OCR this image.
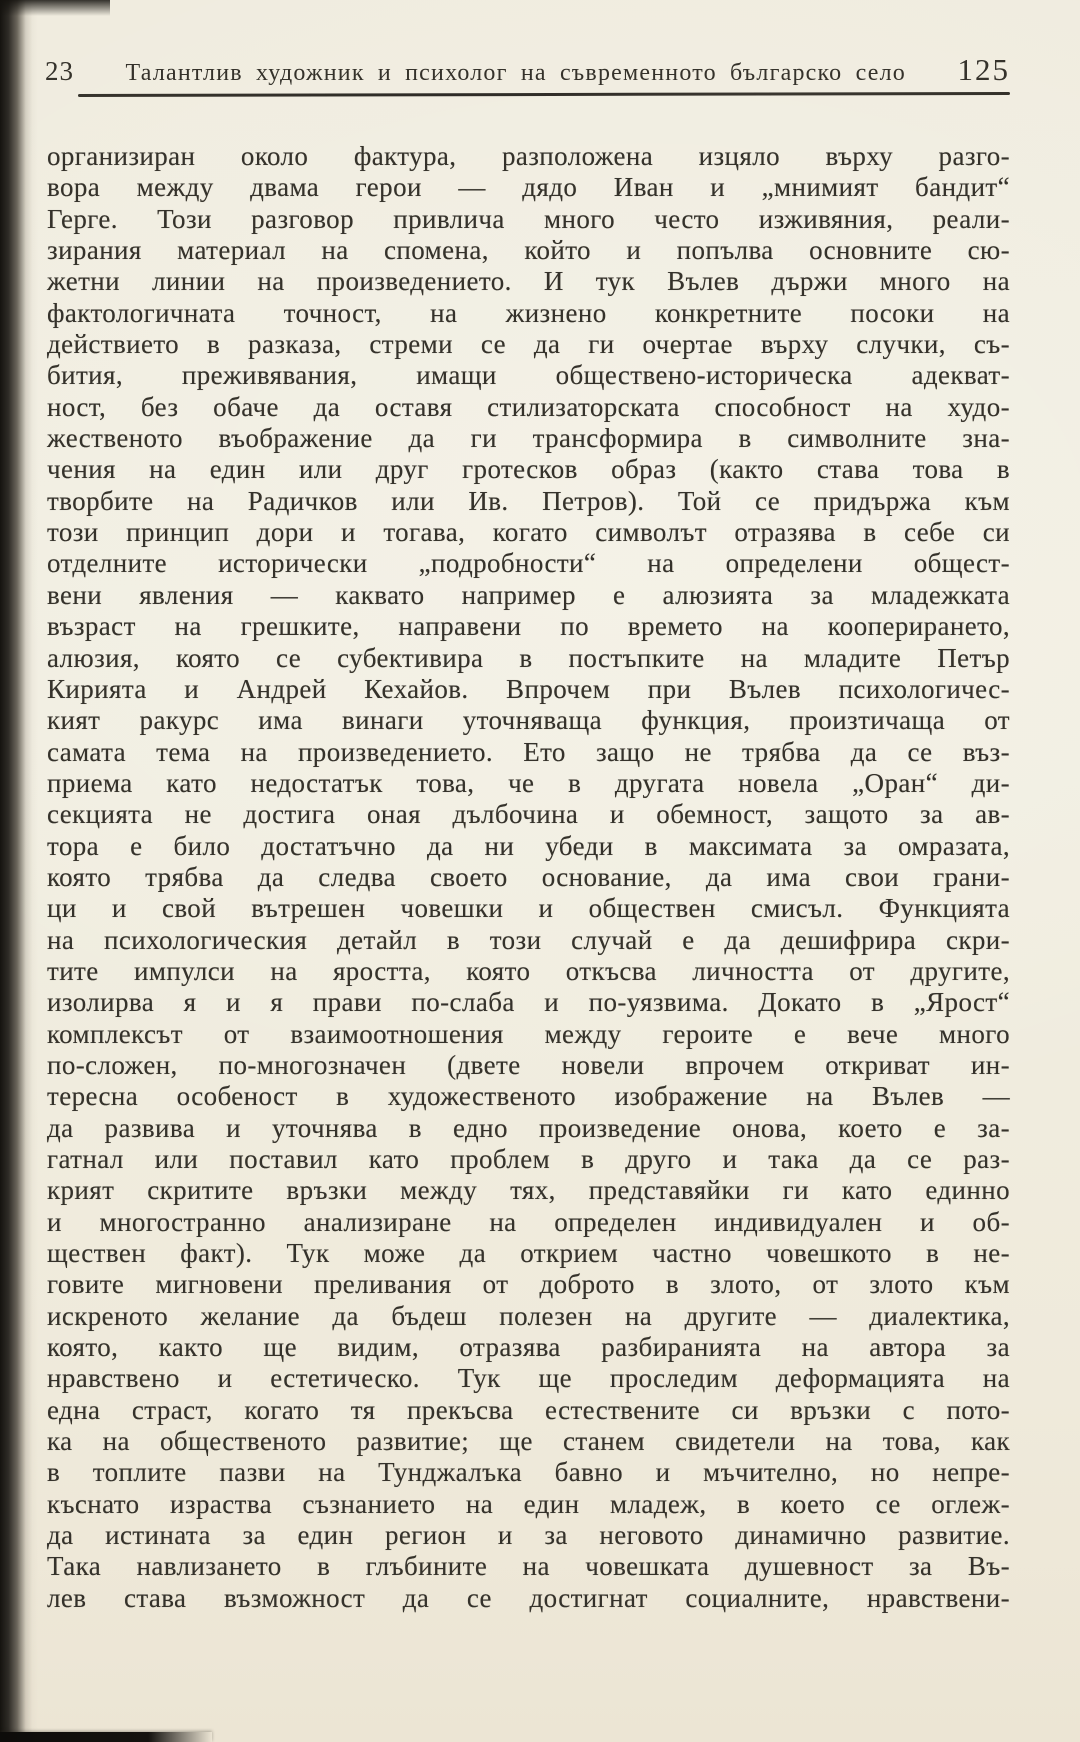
23	Талантлив художник и психолог на съвременното българско село	125
организиран около фактура, разположена изцяло върху разго-
вора между двама герои — дядо Иван и „мнимият бандит“
Герге. Този разговор привлича много често изживяния, реали-
зирания материал на спомена, който и попълва основните сю-
жетни линии на произведението. И тук Вълев държи много на
фактологичната точност, на жизнено конкретните посоки на
действието в разказа, стреми се да ги очертае върху случки, съ-
бития, преживявания, имащи обществено-историческа адекват-
ност, без обаче да оставя стилизаторската способност на худо-
жественото въображение да ги трансформира в символните зна-
чения на един или друг гротесков образ (както става това в
творбите на Радичков или Ив. Петров). Той се придържа към
този принцип дори и тогава, когато символът отразява в себе си
отделните исторически „подробности“ на определени общест-
вени явления — каквато например е алюзията за младежката
възраст на грешките, направени по времето на кооперирането,
алюзия, която се субективира в постъпките на младите Петър
Кирията и Андрей Кехайов. Впрочем при Вълев психологичес-
кият ракурс има винаги уточняваща функция, произтичаща от
самата тема на произведението. Ето защо не трябва да се въз-
приема като недостатък това, че в другата новела „Оран“ ди-
секцията не достига оная дълбочина и обемност, защото за ав-
тора е било достатъчно да ни убеди в максимата за омразата,
която трябва да следва своето основание, да има свои грани-
ци и свой вътрешен човешки и обществен смисъл. Функцията
на психологическия детайл в този случай е да дешифрира скри-
тите импулси на яростта, която откъсва личността от другите,
изолирва я и я прави по-слаба и по-уязвима. Докато в „Ярост“
комплексът от взаимоотношения между героите е вече много
по-сложен, по-многозначен (двете новели впрочем откриват ин-
тересна особеност в художественото изображение на Вълев —
да развива и уточнява в едно произведение онова, което е за-
гатнал или поставил като проблем в друго и така да се раз-
крият скритите връзки между тях, представяйки ги като единно
и многостранно анализиране на определен индивидуален и об-
ществен факт). Тук може да открием частно човешкото в не-
говите мигновени преливания от доброто в злото, от злото към
искреното желание да бъдеш полезен на другите — диалектика,
която, както ще видим, отразява разбиранията на автора за
нравствено и естетическо. Тук ще проследим деформацията на
една страст, когато тя прекъсва естествените си връзки с пото-
ка на общественото развитие; ще станем свидетели на това, как
в топлите пазви на Тунджалъка бавно и мъчително, но непре-
къснато израства съзнанието на един младеж, в което се оглеж-
да истината за един регион и за неговото динамично развитие.
Така навлизането в глъбините на човешката душевност за Въ-
лев става възможност да се достигнат социалните, нравствени-
